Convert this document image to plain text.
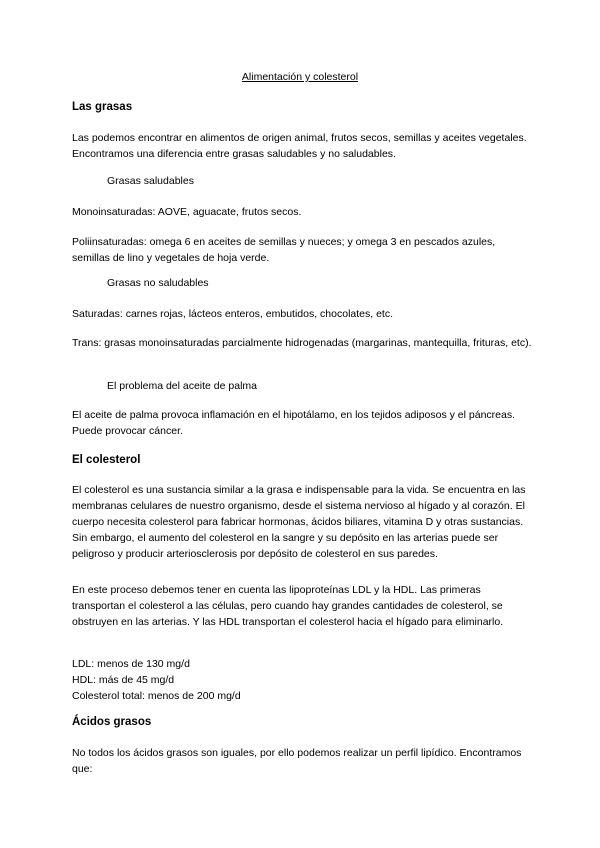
Alimentación y colesterol
Las grasas
Las podemos encontrar en alimentos de origen animal, frutos secos, semillas y aceites vegetales. Encontramos una diferencia entre grasas saludables y no saludables.
Grasas saludables
Monoinsaturadas: AOVE, aguacate, frutos secos.
Poliinsaturadas: omega 6 en aceites de semillas y nueces; y omega 3 en pescados azules, semillas de lino y vegetales de hoja verde.
Grasas no saludables
Saturadas: carnes rojas, lácteos enteros, embutidos, chocolates, etc.
Trans: grasas monoinsaturadas parcialmente hidrogenadas (margarinas, mantequilla, frituras, etc).
El problema del aceite de palma
El aceite de palma provoca inflamación en el hipotálamo, en los tejidos adiposos y el páncreas. Puede provocar cáncer.
El colesterol
El colesterol es una sustancia similar a la grasa e indispensable para la vida. Se encuentra en las membranas celulares de nuestro organismo, desde el sistema nervioso al hígado y al corazón. El cuerpo necesita colesterol para fabricar hormonas, ácidos biliares, vitamina D y otras sustancias. Sin embargo, el aumento del colesterol en la sangre y su depósito en las arterias puede ser peligroso y producir arteriosclerosis por depósito de colesterol en sus paredes.
En este proceso debemos tener en cuenta las lipoproteínas LDL y la HDL. Las primeras transportan el colesterol a las células, pero cuando hay grandes cantidades de colesterol, se obstruyen en las arterias. Y las HDL transportan el colesterol hacia el hígado para eliminarlo.
LDL: menos de 130 mg/d
HDL: más de 45 mg/d
Colesterol total: menos de 200 mg/d
Ácidos grasos
No todos los ácidos grasos son iguales, por ello podemos realizar un perfil lipídico. Encontramos que:
